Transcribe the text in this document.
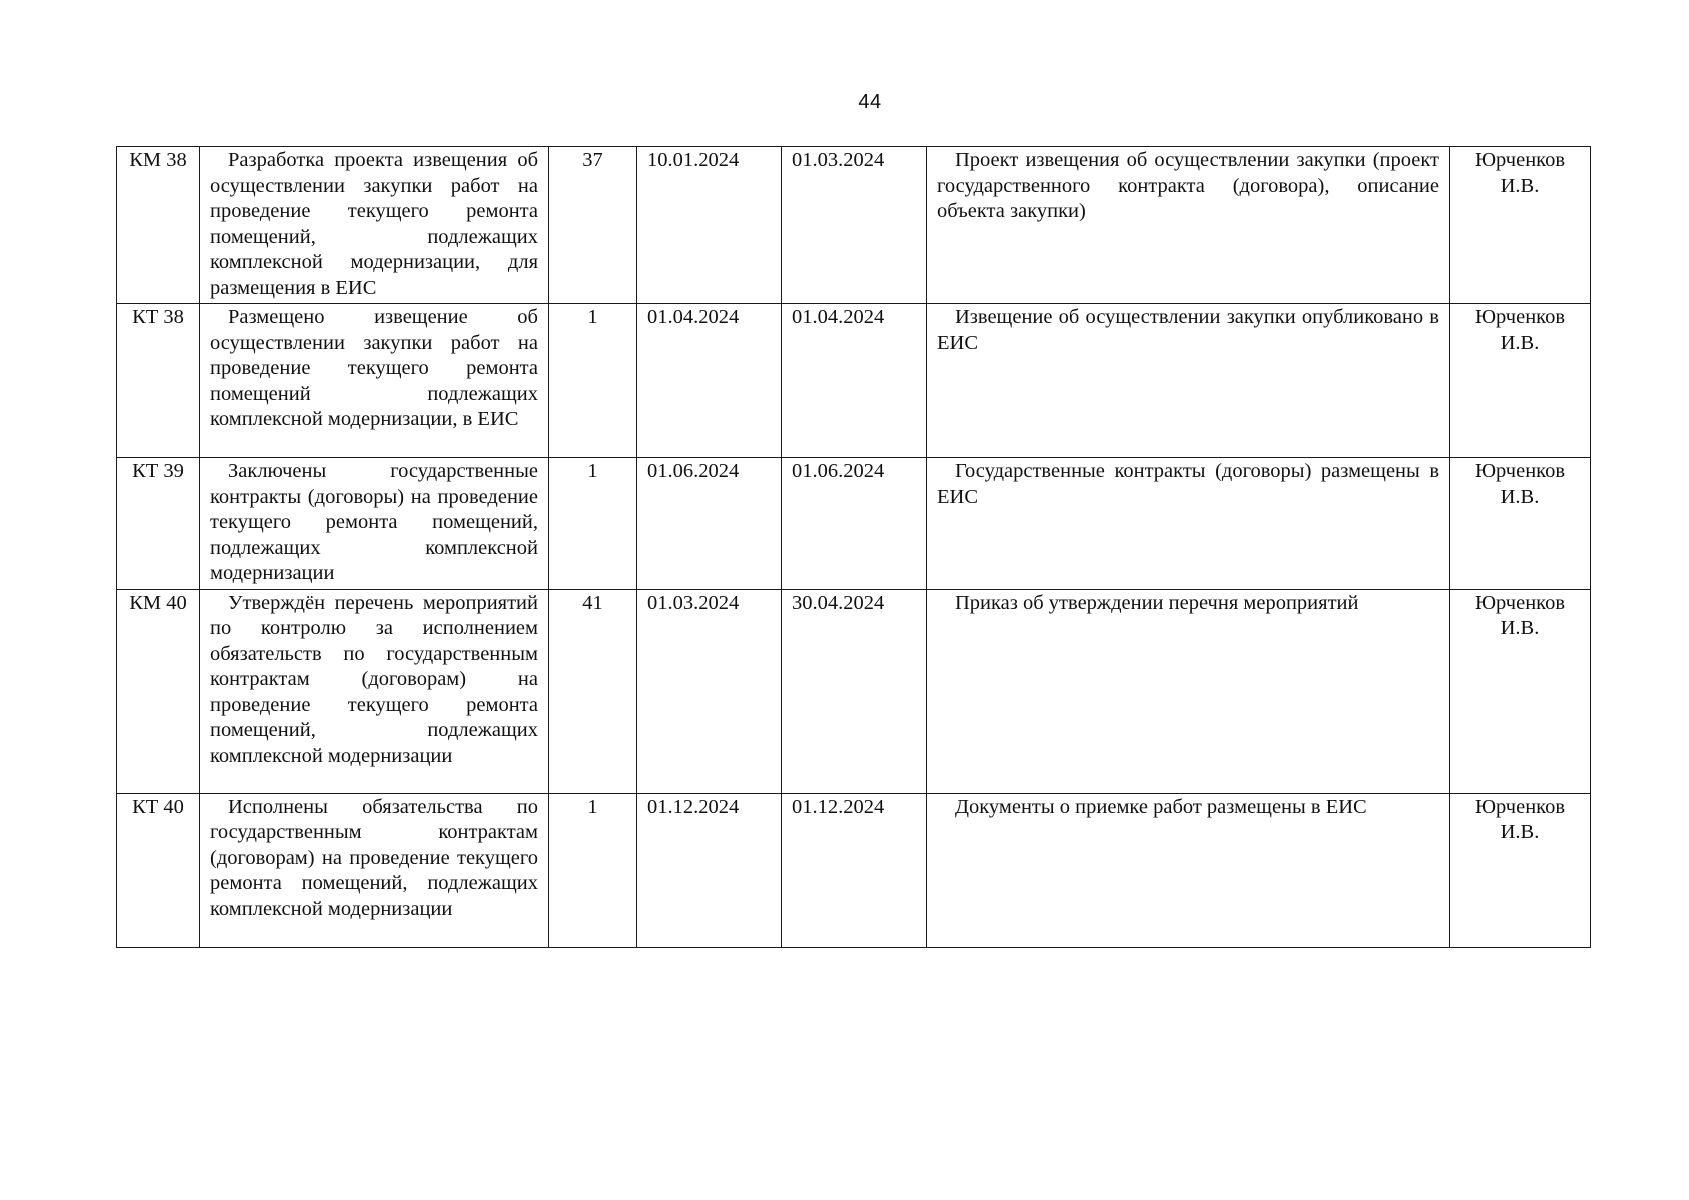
44
КМ 38	Разработка проекта извещения об осуществлении закупки работ на проведение текущего ремонта помещений, подлежащих комплексной модернизации, для размещения в ЕИС	37	10.01.2024	01.03.2024	Проект извещения об осуществлении закупки (проект государственного контракта (договора), описание объекта закупки)	Юрченков И.В.
КТ 38	Размещено извещение об осуществлении закупки работ на проведение текущего ремонта помещений подлежащих комплексной модернизации, в ЕИС	1	01.04.2024	01.04.2024	Извещение об осуществлении закупки опубликовано в ЕИС	Юрченков И.В.
КТ 39	Заключены государственные контракты (договоры) на проведение текущего ремонта помещений, подлежащих комплексной модернизации	1	01.06.2024	01.06.2024	Государственные контракты (договоры) размещены в ЕИС	Юрченков И.В.
КМ 40	Утверждён перечень мероприятий по контролю за исполнением обязательств по государственным контрактам (договорам) на проведение текущего ремонта помещений, подлежащих комплексной модернизации	41	01.03.2024	30.04.2024	Приказ об утверждении перечня мероприятий	Юрченков И.В.
КТ 40	Исполнены обязательства по государственным контрактам (договорам) на проведение текущего ремонта помещений, подлежащих комплексной модернизации	1	01.12.2024	01.12.2024	Документы о приемке работ размещены в ЕИС	Юрченков И.В.
